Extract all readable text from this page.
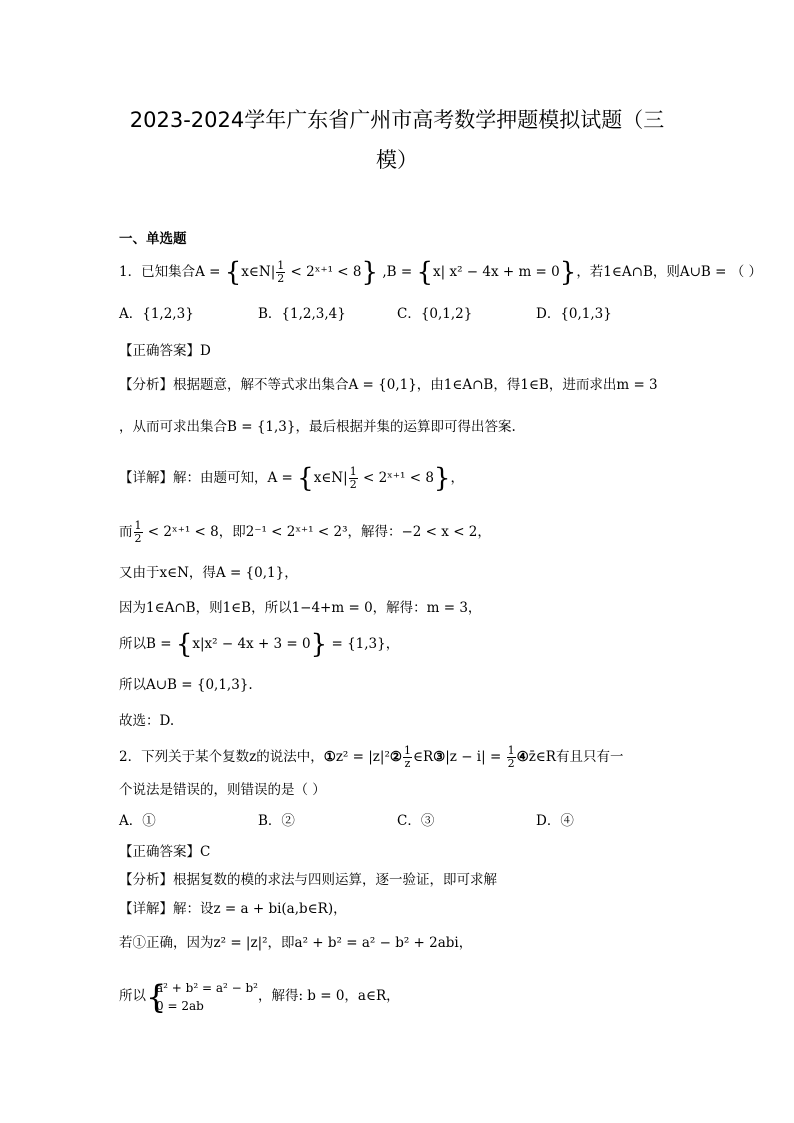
2023-2024学年广东省广州市高考数学押题模拟试题（三
模）
一、单选题
1．已知集合A = {x∈N| $\frac{1}{2}$ < 2ˣ⁺¹ < 8} ,B = {x| x² − 4x + m = 0}，若1∈A∩B，则A∪B = （ ）
A．{1,2,3}	B．{1,2,3,4}	C．{0,1,2}	D．{0,1,3}
【正确答案】D
【分析】根据题意，解不等式求出集合A = {0,1}，由1∈A∩B，得1∈B，进而求出m = 3
，从而可求出集合B = {1,3}，最后根据并集的运算即可得出答案.
【详解】解：由题可知，A = {x∈N| $\frac{1}{2}$ < 2ˣ⁺¹ < 8}，
而 $\frac{1}{2}$ < 2ˣ⁺¹ < 8，即2⁻¹ < 2ˣ⁺¹ < 2³，解得：−2 < x < 2，
又由于x∈N，得A = {0,1}，
因为1∈A∩B，则1∈B，所以1−4+m = 0，解得：m = 3，
所以B = {x|x² − 4x + 3 = 0} = {1,3}，
所以A∪B = {0,1,3}.
故选：D.
2．下列关于某个复数z的说法中，①z² = |z|²② $\frac{1}{z}$ ∈R③|z − $i| = \frac{1}{2}$ ④z̄∈R有且只有一
个说法是错误的，则错误的是（ ）
A．①	B．②	C．③	D．④
【正确答案】C
【分析】根据复数的模的求法与四则运算，逐一验证，即可求解
【详解】解：设z = a + bi(a,b∈R)，
若①正确，因为z² = |z|²，即a² + b² = a² − b² + 2abi，
所以
{ a² + b² = a² − b²
0 = 2ab
，解得: b = 0，a∈R，
